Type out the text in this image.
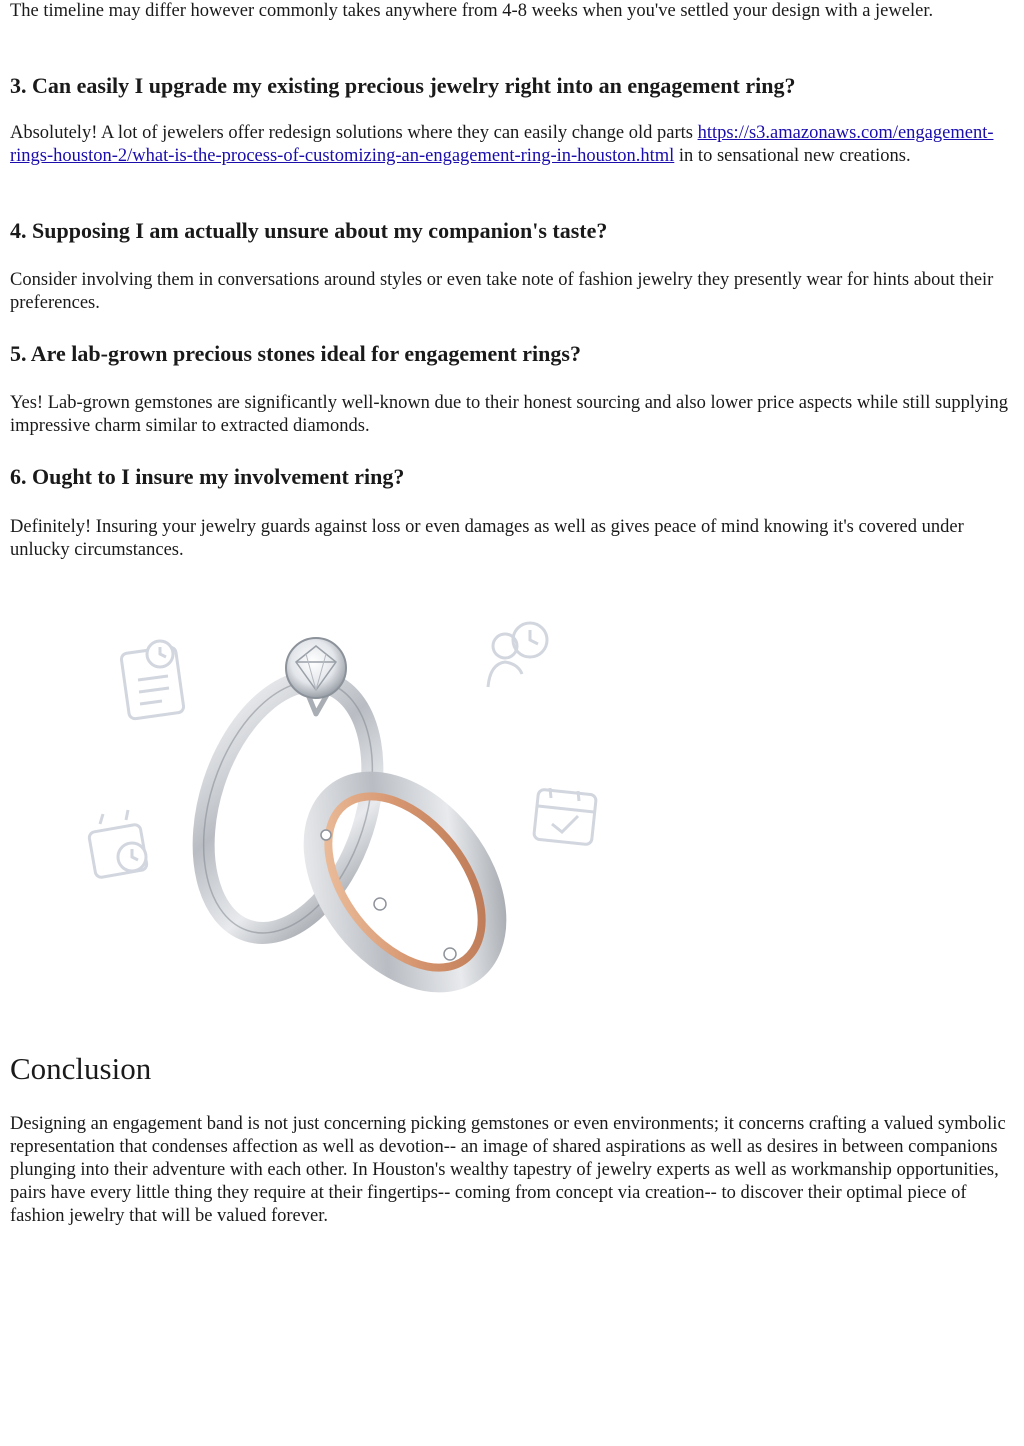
The timeline may differ however commonly takes anywhere from 4-8 weeks when you've settled your design with a jeweler.

3. Can easily I upgrade my existing precious jewelry right into an engagement ring?

Absolutely! A lot of jewelers offer redesign solutions where they can easily change old parts https://s3.amazonaws.com/engagement-rings-houston-2/what-is-the-process-of-customizing-an-engagement-ring-in-houston.html in to sensational new creations.

4. Supposing I am actually unsure about my companion's taste?

Consider involving them in conversations around styles or even take note of fashion jewelry they presently wear for hints about their preferences.

5. Are lab-grown precious stones ideal for engagement rings?

Yes! Lab-grown gemstones are significantly well-known due to their honest sourcing and also lower price aspects while still supplying impressive charm similar to extracted diamonds.

6. Ought to I insure my involvement ring?

Definitely! Insuring your jewelry guards against loss or even damages as well as gives peace of mind knowing it's covered under unlucky circumstances.

Conclusion

Designing an engagement band is not just concerning picking gemstones or even environments; it concerns crafting a valued symbolic representation that condenses affection as well as devotion-- an image of shared aspirations as well as desires in between companions plunging into their adventure with each other. In Houston's wealthy tapestry of jewelry experts as well as workmanship opportunities, pairs have every little thing they require at their fingertips-- coming from concept via creation-- to discover their optimal piece of fashion jewelry that will be valued forever.
